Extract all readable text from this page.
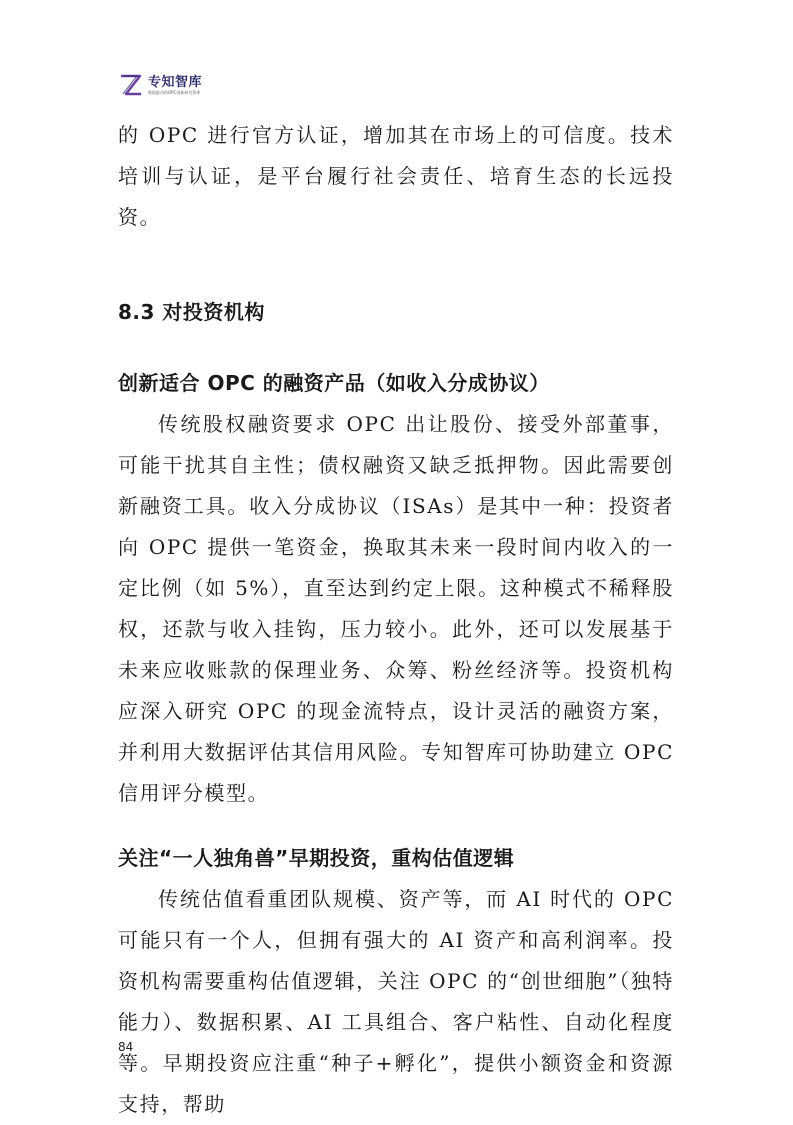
专知智库
数据驱动的OPC创新研究智库

的 OPC 进行官方认证，增加其在市场上的可信度。技术培训与认证，是平台履行社会责任、培育生态的长远投资。

8.3 对投资机构
创新适合 OPC 的融资产品（如收入分成协议）

传统股权融资要求 OPC 出让股份、接受外部董事，可能干扰其自主性；债权融资又缺乏抵押物。因此需要创新融资工具。收入分成协议（ISAs）是其中一种：投资者向 OPC 提供一笔资金，换取其未来一段时间内收入的一定比例（如 5%），直至达到约定上限。这种模式不稀释股权，还款与收入挂钩，压力较小。此外，还可以发展基于未来应收账款的保理业务、众筹、粉丝经济等。投资机构应深入研究 OPC 的现金流特点，设计灵活的融资方案，并利用大数据评估其信用风险。专知智库可协助建立 OPC 信用评分模型。

关注“一人独角兽”早期投资，重构估值逻辑

传统估值看重团队规模、资产等，而 AI 时代的 OPC 可能只有一个人，但拥有强大的 AI 资产和高利润率。投资机构需要重构估值逻辑，关注 OPC 的“创世细胞”（独特能力）、数据积累、AI 工具组合、客户粘性、自动化程度等。早期投资应注重“种子+孵化”，提供小额资金和资源支持，帮助

84
